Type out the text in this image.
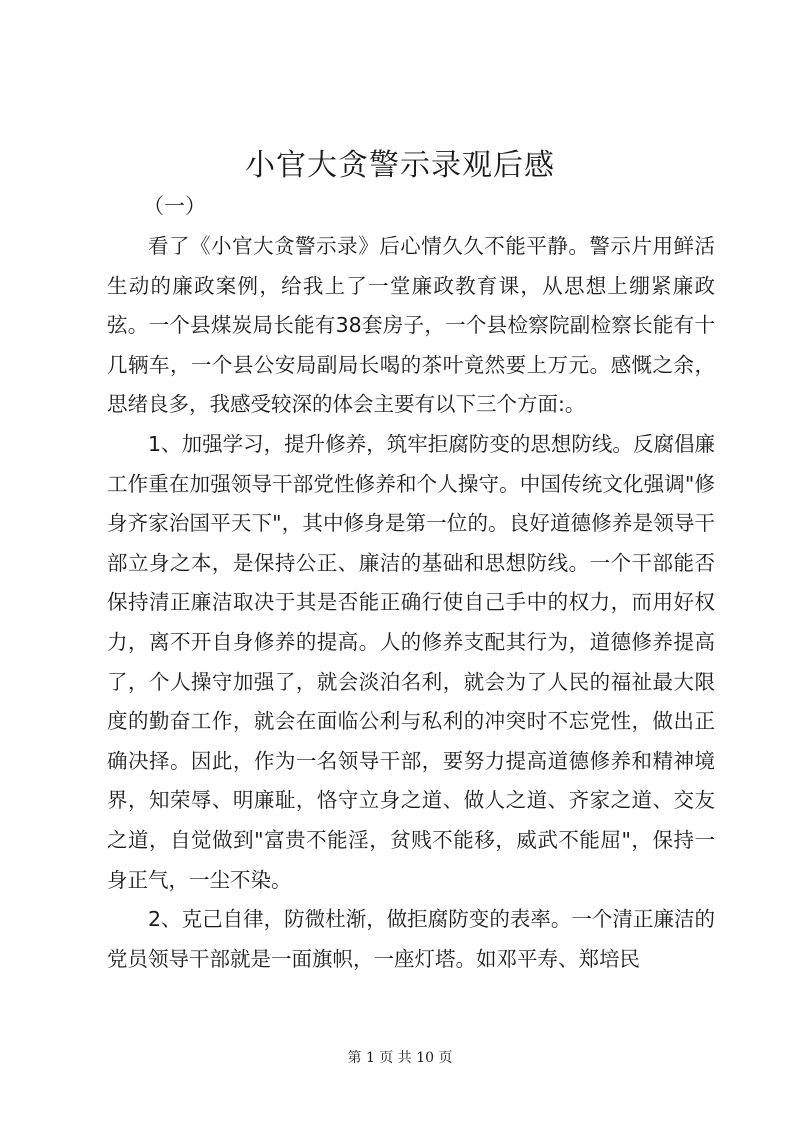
小官大贪警示录观后感
（一）

看了《小官大贪警示录》后心情久久不能平静。警示片用鲜活生动的廉政案例，给我上了一堂廉政教育课，从思想上绷紧廉政弦。一个县煤炭局长能有38套房子，一个县检察院副检察长能有十几辆车，一个县公安局副局长喝的茶叶竟然要上万元。感慨之余，思绪良多，我感受较深的体会主要有以下三个方面:。

1、加强学习，提升修养，筑牢拒腐防变的思想防线。反腐倡廉工作重在加强领导干部党性修养和个人操守。中国传统文化强调"修身齐家治国平天下"，其中修身是第一位的。良好道德修养是领导干部立身之本，是保持公正、廉洁的基础和思想防线。一个干部能否保持清正廉洁取决于其是否能正确行使自己手中的权力，而用好权力，离不开自身修养的提高。人的修养支配其行为，道德修养提高了，个人操守加强了，就会淡泊名利，就会为了人民的福祉最大限度的勤奋工作，就会在面临公利与私利的冲突时不忘党性，做出正确决择。因此，作为一名领导干部，要努力提高道德修养和精神境界，知荣辱、明廉耻，恪守立身之道、做人之道、齐家之道、交友之道，自觉做到"富贵不能淫，贫贱不能移，威武不能屈"，保持一身正气，一尘不染。

2、克己自律，防微杜渐，做拒腐防变的表率。一个清正廉洁的党员领导干部就是一面旗帜，一座灯塔。如邓平寿、郑培民

第 1 页 共 10 页
